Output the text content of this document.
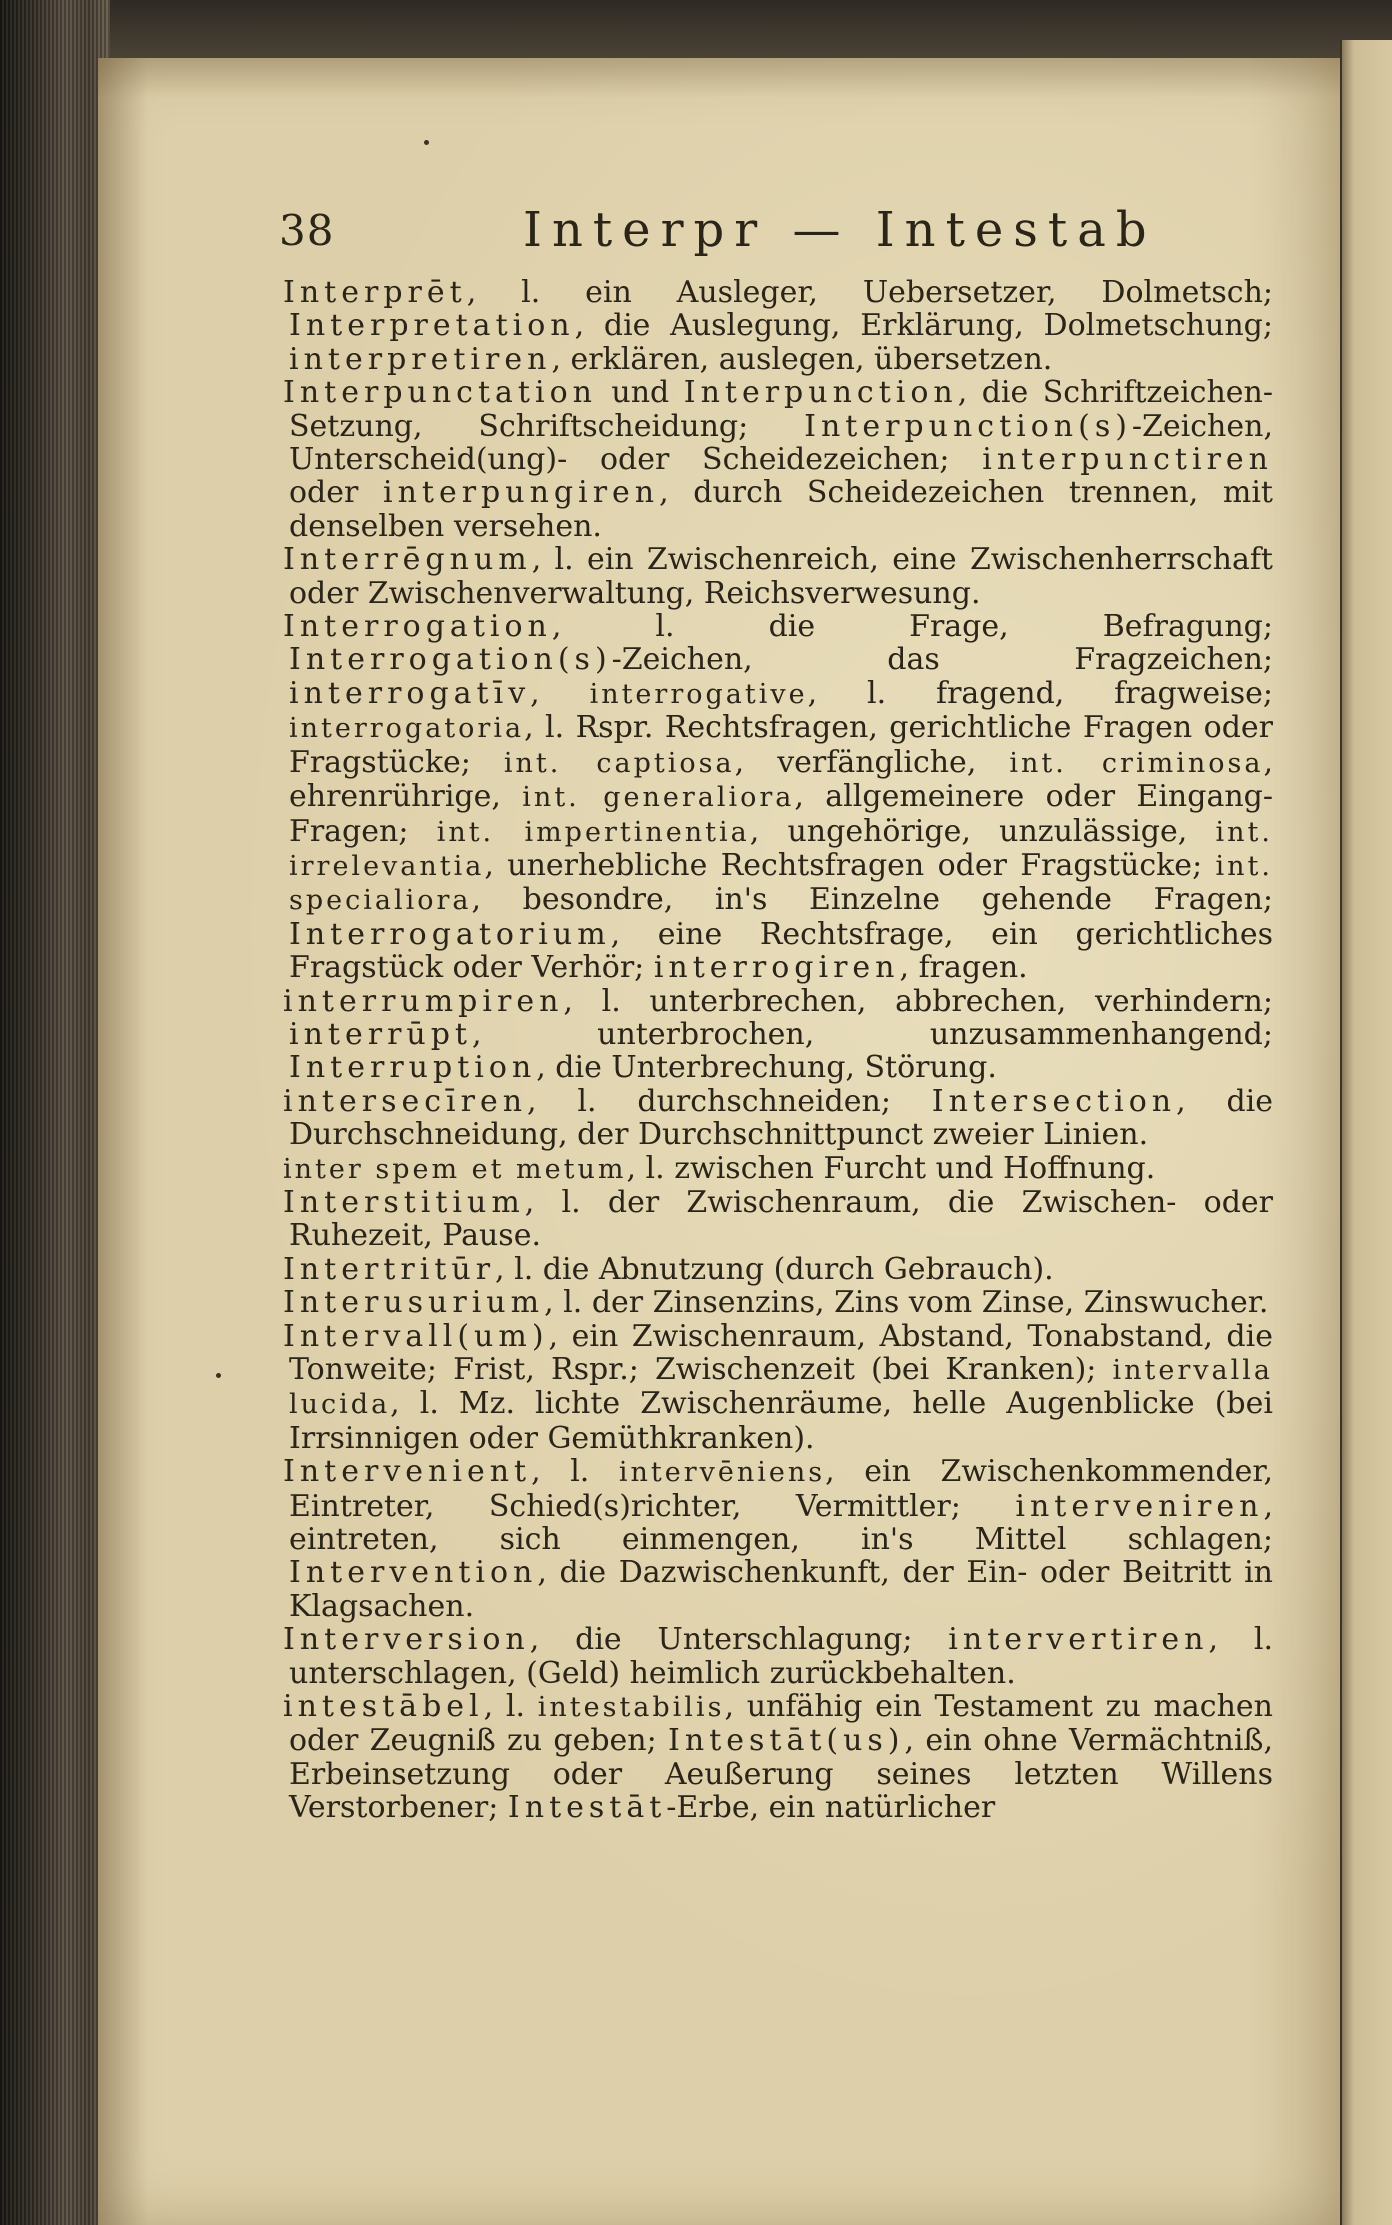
38	Interpr — Intestab

Interprēt, l. ein Ausleger, Uebersetzer, Dolmetsch; Interpretation, die Auslegung, Erklärung, Dolmetschung; interpretiren, erklären, auslegen, übersetzen.

Interpunctation und Interpunction, die Schriftzeichen-Setzung, Schriftscheidung; Interpunction(s)-Zeichen, Unterscheid(ung)- oder Scheidezeichen; interpunctiren oder interpungiren, durch Scheidezeichen trennen, mit denselben versehen.

Interrēgnum, l. ein Zwischenreich, eine Zwischenherrschaft oder Zwischenverwaltung, Reichsverwesung.

Interrogation, l. die Frage, Befragung; Interrogation(s)-Zeichen, das Fragzeichen; interrogatīv, interrogative, l. fragend, fragweise; interrogatoria, l. Rspr. Rechtsfragen, gerichtliche Fragen oder Fragstücke; int. captiosa, verfängliche, int. criminosa, ehrenrührige, int. generaliora, allgemeinere oder Eingang-Fragen; int. impertinentia, ungehörige, unzulässige, int. irrelevantia, unerhebliche Rechtsfragen oder Fragstücke; int. specialiora, besondre, in's Einzelne gehende Fragen; Interrogatorium, eine Rechtsfrage, ein gerichtliches Fragstück oder Verhör; interrogiren, fragen.

interrumpiren, l. unterbrechen, abbrechen, verhindern; interrūpt, unterbrochen, unzusammenhangend; Interruption, die Unterbrechung, Störung.

intersecīren, l. durchschneiden; Intersection, die Durchschneidung, der Durchschnittpunct zweier Linien.

inter spem et metum, l. zwischen Furcht und Hoffnung.

Interstitium, l. der Zwischenraum, die Zwischen- oder Ruhezeit, Pause.

Intertritūr, l. die Abnutzung (durch Gebrauch).

Interusurium, l. der Zinsenzins, Zins vom Zinse, Zinswucher.

Intervall(um), ein Zwischenraum, Abstand, Tonabstand, die Tonweite; Frist, Rspr.; Zwischenzeit (bei Kranken); intervalla lucida, l. Mz. lichte Zwischenräume, helle Augenblicke (bei Irrsinnigen oder Gemüthkranken).

Intervenient, l. intervēniens, ein Zwischenkommender, Eintreter, Schied(s)richter, Vermittler; interveniren, eintreten, sich einmengen, in's Mittel schlagen; Intervention, die Dazwischenkunft, der Ein- oder Beitritt in Klagsachen.

Interversion, die Unterschlagung; intervertiren, l. unterschlagen, (Geld) heimlich zurückbehalten.

intestābel, l. intestabilis, unfähig ein Testament zu machen oder Zeugniß zu geben; Intestāt(us), ein ohne Vermächtniß, Erbeinsetzung oder Aeußerung seines letzten Willens Verstorbener; Intestāt-Erbe, ein natürlicher
